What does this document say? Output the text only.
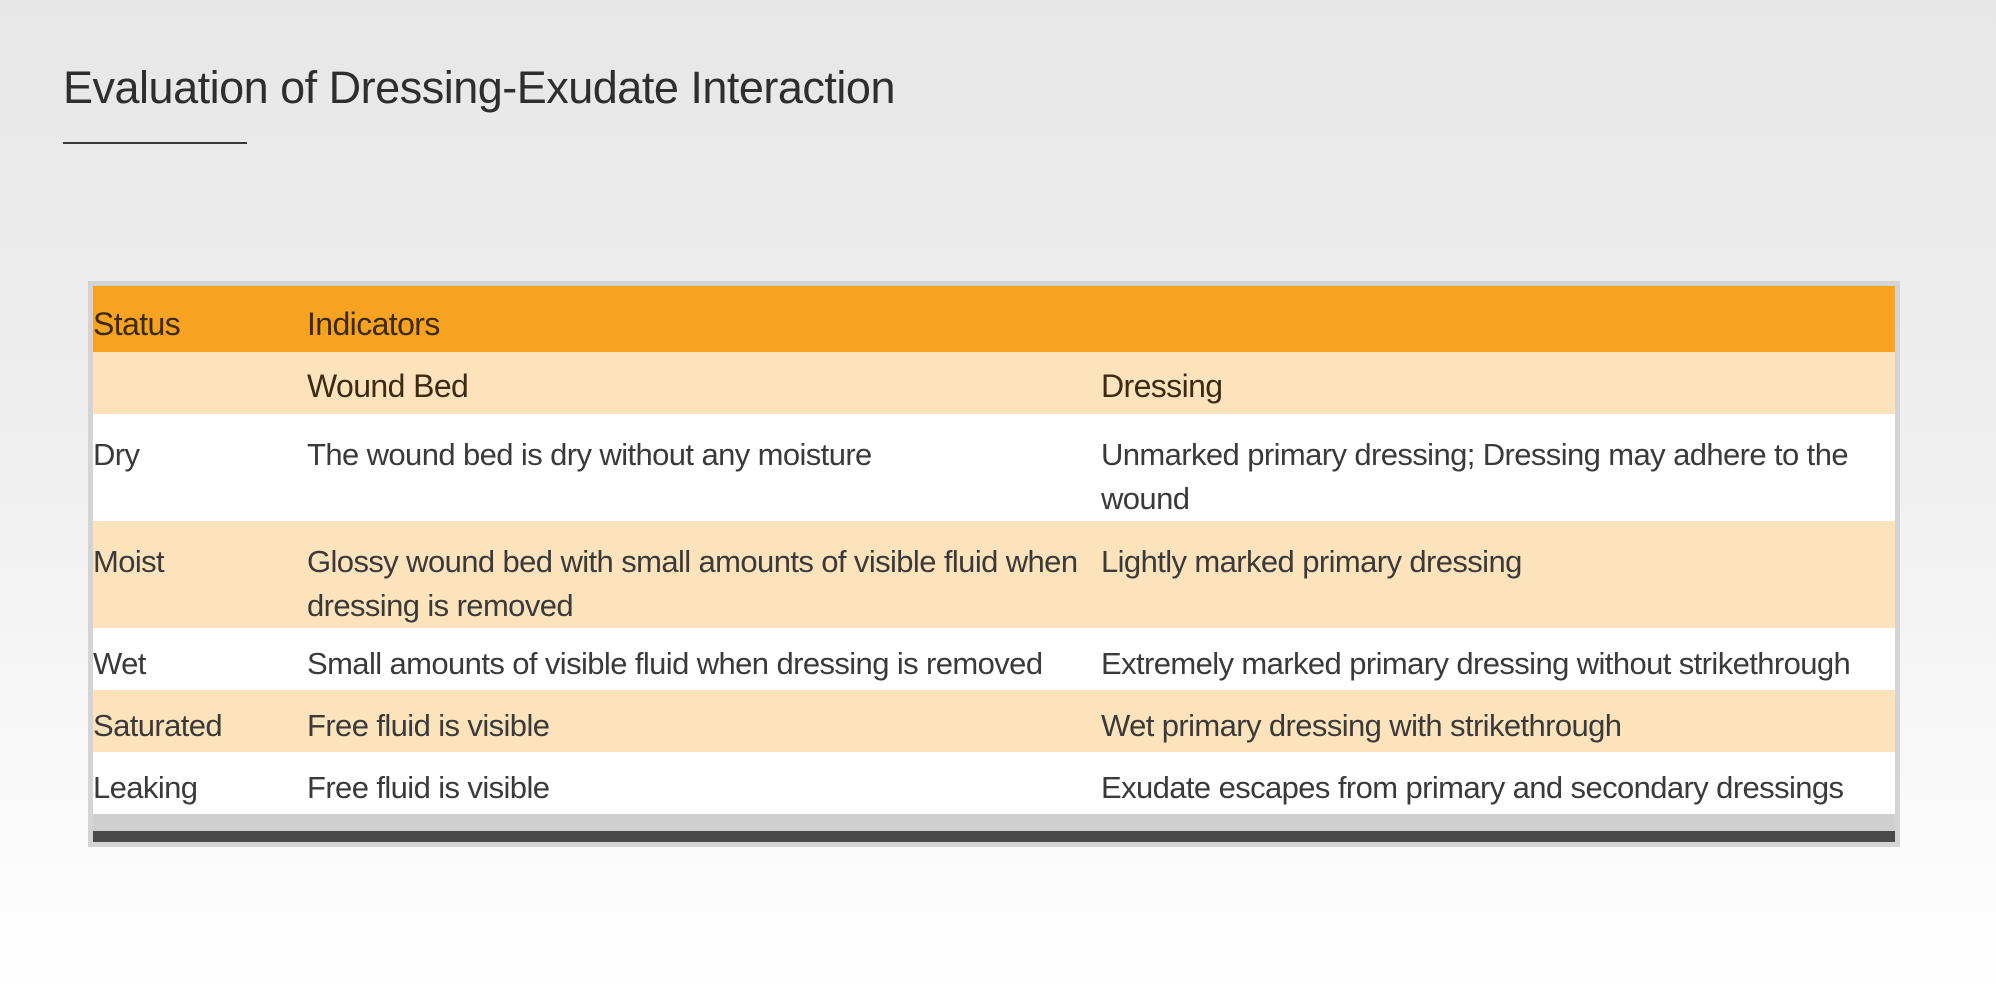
Evaluation of Dressing-Exudate Interaction
Status	Indicators	
	Wound Bed	Dressing
Dry	The wound bed is dry without any moisture	Unmarked primary dressing; Dressing may adhere to the wound
Moist	Glossy wound bed with small amounts of visible fluid when dressing is removed	Lightly marked primary dressing
Wet	Small amounts of visible fluid when dressing is removed	Extremely marked primary dressing without strikethrough
Saturated	Free fluid is visible	Wet primary dressing with strikethrough
Leaking	Free fluid is visible	Exudate escapes from primary and secondary dressings
